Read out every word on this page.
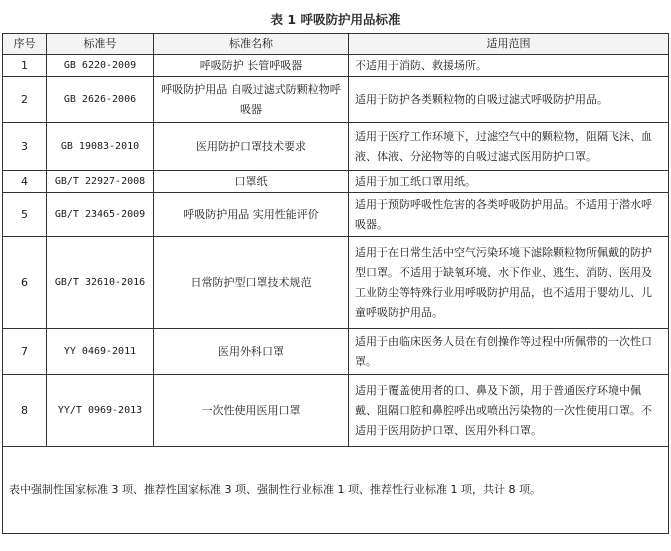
表 1 呼吸防护用品标准
序号	标准号	标准名称	适用范围
1	GB 6220-2009	呼吸防护 长管呼吸器	不适用于消防、救援场所。
2	GB 2626-2006	呼吸防护用品 自吸过滤式防颗粒物呼吸器	适用于防护各类颗粒物的自吸过滤式呼吸防护用品。
3	GB 19083-2010	医用防护口罩技术要求	适用于医疗工作环境下，过滤空气中的颗粒物，阻隔飞沫、血液、体液、分泌物等的自吸过滤式医用防护口罩。
4	GB/T 22927-2008	口罩纸	适用于加工纸口罩用纸。
5	GB/T 23465-2009	呼吸防护用品 实用性能评价	适用于预防呼吸性危害的各类呼吸防护用品。不适用于潜水呼吸器。
6	GB/T 32610-2016	日常防护型口罩技术规范	适用于在日常生活中空气污染环境下滤除颗粒物所佩戴的防护型口罩。不适用于缺氧环境、水下作业、逃生、消防、医用及工业防尘等特殊行业用呼吸防护用品，也不适用于婴幼儿、儿童呼吸防护用品。
7	YY 0469-2011	医用外科口罩	适用于由临床医务人员在有创操作等过程中所佩带的一次性口罩。
8	YY/T 0969-2013	一次性使用医用口罩	适用于覆盖使用者的口、鼻及下颌，用于普通医疗环境中佩戴、阻隔口腔和鼻腔呼出或喷出污染物的一次性使用口罩。不适用于医用防护口罩、医用外科口罩。
表中强制性国家标准 3 项、推荐性国家标准 3 项、强制性行业标准 1 项、推荐性行业标准 1 项，共计 8 项。			
